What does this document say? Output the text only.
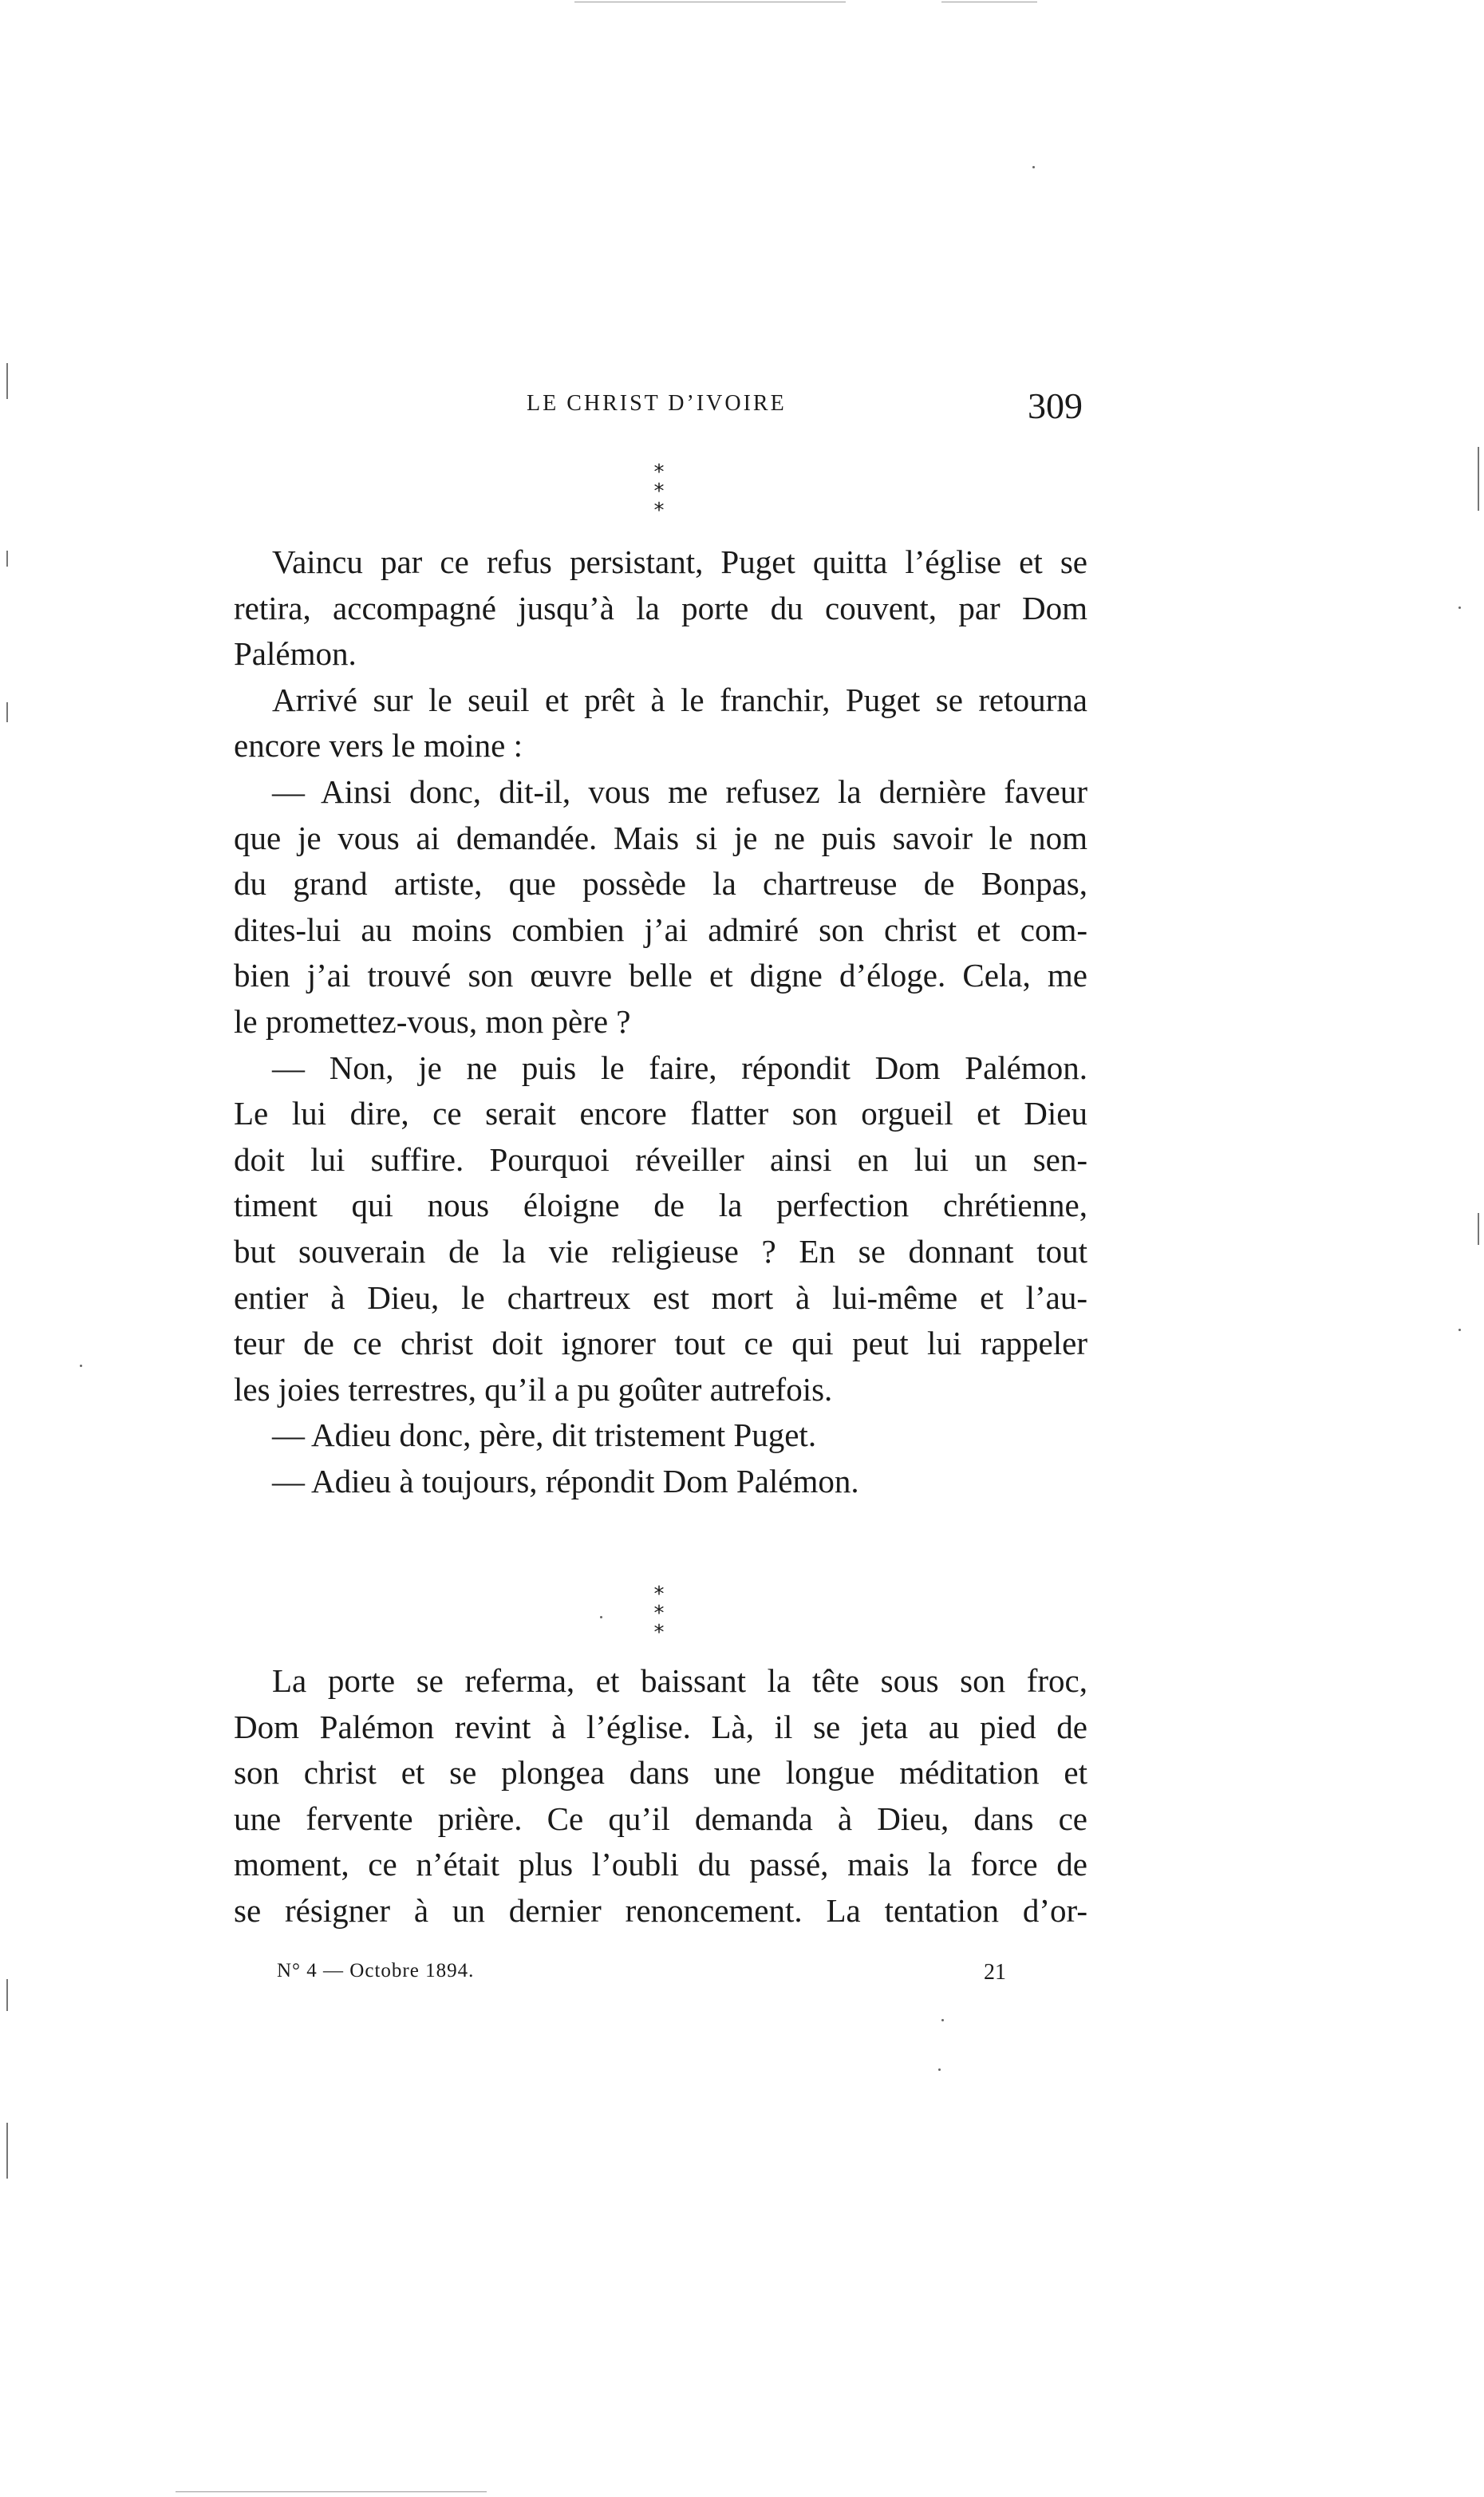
LE CHRIST D’IVOIRE	309
*
* *
Vaincu par ce refus persistant, Puget quitta l’église et se
retira, accompagné jusqu’à la porte du couvent, par Dom
Palémon.
Arrivé sur le seuil et prêt à le franchir, Puget se retourna
encore vers le moine :
— Ainsi donc, dit-il, vous me refusez la dernière faveur
que je vous ai demandée. Mais si je ne puis savoir le nom
du grand artiste, que possède la chartreuse de Bonpas,
dites-lui au moins combien j’ai admiré son christ et com-
bien j’ai trouvé son œuvre belle et digne d’éloge. Cela, me
le promettez-vous, mon père ?
— Non, je ne puis le faire, répondit Dom Palémon.
Le lui dire, ce serait encore flatter son orgueil et Dieu
doit lui suffire. Pourquoi réveiller ainsi en lui un sen-
timent qui nous éloigne de la perfection chrétienne,
but souverain de la vie religieuse ? En se donnant tout
entier à Dieu, le chartreux est mort à lui-même et l’au-
teur de ce christ doit ignorer tout ce qui peut lui rappeler
les joies terrestres, qu’il a pu goûter autrefois.
— Adieu donc, père, dit tristement Puget.
— Adieu à toujours, répondit Dom Palémon.
*
* *
La porte se referma, et baissant la tête sous son froc,
Dom Palémon revint à l’église. Là, il se jeta au pied de
son christ et se plongea dans une longue méditation et
une fervente prière. Ce qu’il demanda à Dieu, dans ce
moment, ce n’était plus l’oubli du passé, mais la force de
se résigner à un dernier renoncement. La tentation d’or-
N° 4 — Octobre 1894.	21
